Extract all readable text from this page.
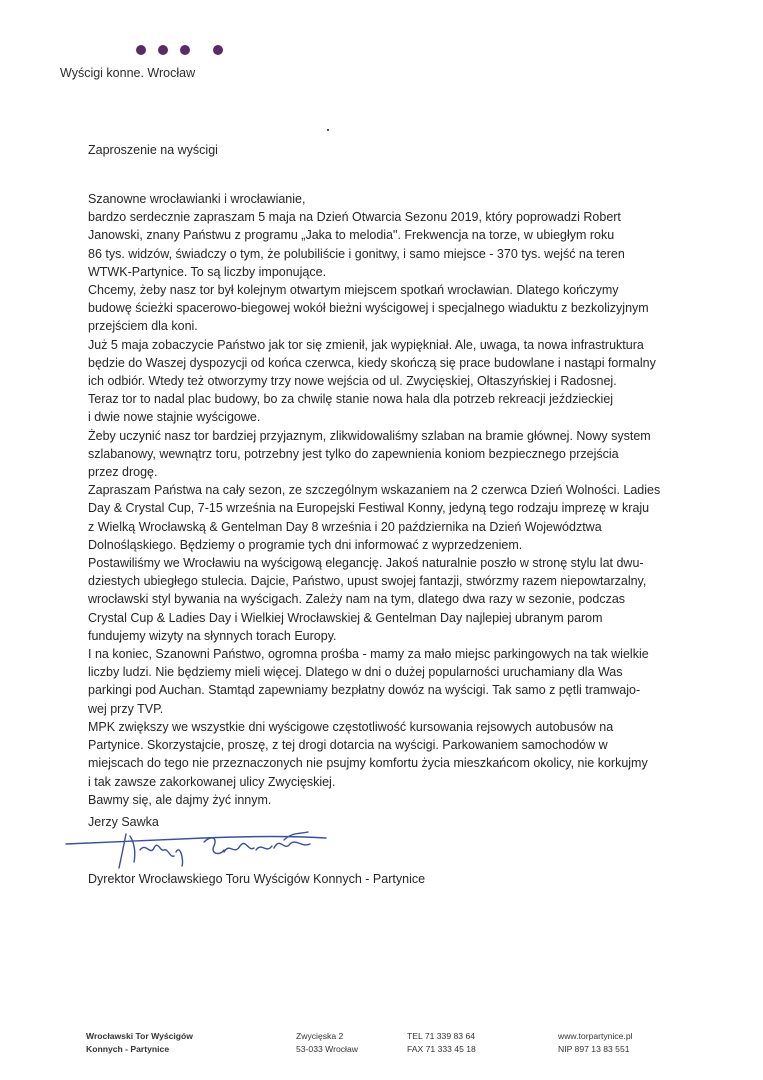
Wyścigi konne. Wrocław
Zaproszenie na wyścigi
Szanowne wrocławianki i wrocławianie,
bardzo serdecznie zapraszam 5 maja na Dzień Otwarcia Sezonu 2019, który poprowadzi Robert
Janowski, znany Państwu z programu „Jaka to melodia". Frekwencja na torze, w ubiegłym roku
86 tys. widzów, świadczy o tym, że polubiliście i gonitwy, i samo miejsce - 370 tys. wejść na teren
WTWK-Partynice. To są liczby imponujące.
Chcemy, żeby nasz tor był kolejnym otwartym miejscem spotkań wrocławian. Dlatego kończymy
budowę ścieżki spacerowo-biegowej wokół bieżni wyścigowej i specjalnego wiaduktu z bezkolizyjnym
przejściem dla koni.
Już 5 maja zobaczycie Państwo jak tor się zmienił, jak wypiękniał. Ale, uwaga, ta nowa infrastruktura
będzie do Waszej dyspozycji od końca czerwca, kiedy skończą się prace budowlane i nastąpi formalny
ich odbiór. Wtedy też otworzymy trzy nowe wejścia od ul. Zwycięskiej, Ołtaszyńskiej i Radosnej.
Teraz tor to nadal plac budowy, bo za chwilę stanie nowa hala dla potrzeb rekreacji jeździeckiej
i dwie nowe stajnie wyścigowe.
Żeby uczynić nasz tor bardziej przyjaznym, zlikwidowaliśmy szlaban na bramie głównej. Nowy system
szlabanowy, wewnątrz toru, potrzebny jest tylko do zapewnienia koniom bezpiecznego przejścia
przez drogę.
Zapraszam Państwa na cały sezon, ze szczególnym wskazaniem na 2 czerwca Dzień Wolności. Ladies
Day & Crystal Cup, 7-15 września na Europejski Festiwal Konny, jedyną tego rodzaju imprezę w kraju
z Wielką Wrocławską & Gentelman Day 8 września i 20 października na Dzień Województwa
Dolnośląskiego. Będziemy o programie tych dni informować z wyprzedzeniem.
Postawiliśmy we Wrocławiu na wyścigową elegancję. Jakoś naturalnie poszło w stronę stylu lat dwu-
dziestych ubiegłego stulecia. Dajcie, Państwo, upust swojej fantazji, stwórzmy razem niepowtarzalny,
wrocławski styl bywania na wyścigach. Zależy nam na tym, dlatego dwa razy w sezonie, podczas
Crystal Cup & Ladies Day i Wielkiej Wrocławskiej & Gentelman Day najlepiej ubranym parom
fundujemy wizyty na słynnych torach Europy.
I na koniec, Szanowni Państwo, ogromna prośba - mamy za mało miejsc parkingowych na tak wielkie
liczby ludzi. Nie będziemy mieli więcej. Dlatego w dni o dużej popularności uruchamiany dla Was
parkingi pod Auchan. Stamtąd zapewniamy bezpłatny dowóz na wyścigi. Tak samo z pętli tramwajo-
wej przy TVP.
MPK zwiększy we wszystkie dni wyścigowe częstotliwość kursowania rejsowych autobusów na
Partynice. Skorzystajcie, proszę, z tej drogi dotarcia na wyścigi. Parkowaniem samochodów w
miejscach do tego nie przeznaczonych nie psujmy komfortu życia mieszkańcom okolicy, nie korkujmy
i tak zawsze zakorkowanej ulicy Zwycięskiej.
Bawmy się, ale dajmy żyć innym.
Jerzy Sawka
Dyrektor Wrocławskiego Toru Wyścigów Konnych - Partynice
Wrocławski Tor Wyścigów
Konnych - Partynice
Zwycięska 2
53-033 Wrocław
TEL 71 339 83 64
FAX 71 333 45 18
www.torpartynice.pl
NIP 897 13 83 551
